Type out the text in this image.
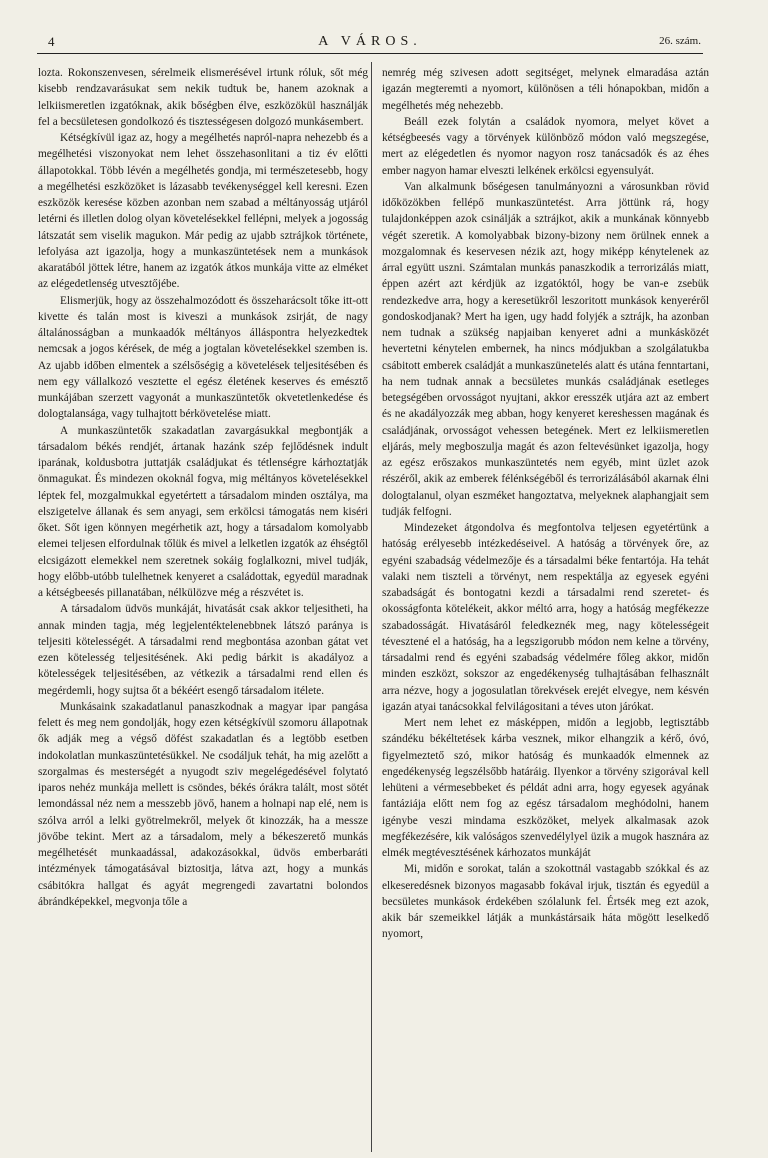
4	A VÁROS.	26. szám.

lozta. Rokonszenvesen, sérelmeik elismerésével irtunk róluk, sőt még kisebb rendzavarásukat sem nekik tudtuk be, hanem azoknak a lelkiismeretlen izgatóknak, akik bőségben élve, eszközökül használják fel a becsületesen gondolkozó és tisztességesen dolgozó munkásembert.

Kétségkívül igaz az, hogy a megélhetés napról-napra nehezebb és a megélhetési viszonyokat nem lehet összehasonlitani a tiz év előtti állapotokkal. Több lévén a megélhetés gondja, mi természetesebb, hogy a megélhetési eszközöket is lázasabb tevékenységgel kell keresni. Ezen eszközök keresése közben azonban nem szabad a méltányosság utjáról letérni és illetlen dolog olyan követelésekkel fellépni, melyek a jogosság látszatát sem viselik magukon. Már pedig az ujabb sztrájkok története, lefolyása azt igazolja, hogy a munkaszüntetések nem a munkások akaratából jöttek létre, hanem az izgatók átkos munkája vitte az elméket az elégedetlenség utvesztőjébe.

Elismerjük, hogy az összehalmozódott és összeharácsolt tőke itt-ott kivette és talán most is kiveszi a munkások zsirját, de nagy általánosságban a munkaadók méltányos álláspontra helyezkedtek nemcsak a jogos kérések, de még a jogtalan követelésekkel szemben is. Az ujabb időben elmentek a szélsőségig a követelések teljesitésében és nem egy vállalkozó vesztette el egész életének keserves és emésztő munkájában szerzett vagyonát a munkaszüntetők okvetetlenkedése és dologtalansága, vagy tulhajtott bérkövetelése miatt.

A munkaszüntetők szakadatlan zavargásukkal megbontják a társadalom békés rendjét, ártanak hazánk szép fejlődésnek indult iparának, koldusbotra juttatják családjukat és tétlenségre kárhoztatják önmagukat. És mindezen okoknál fogva, mig méltányos követelésekkel léptek fel, mozgalmukkal egyetértett a társadalom minden osztálya, ma elszigetelve állanak és sem anyagi, sem erkölcsi támogatás nem kiséri őket. Sőt igen könnyen megérhetik azt, hogy a társadalom komolyabb elemei teljesen elfordulnak tőlük és mivel a lelketlen izgatók az éhségtől elcsigázott elemekkel nem szeretnek sokáig foglalkozni, mivel tudják, hogy előbb-utóbb tulelhetnek kenyeret a családottak, egyedül maradnak a kétségbeesés pillanatában, nélkülözve még a részvétet is.

A társadalom üdvös munkáját, hivatását csak akkor teljesitheti, ha annak minden tagja, még legjelentéktelenebbnek látszó paránya is teljesiti kötelességét. A társadalmi rend megbontása azonban gátat vet ezen kötelesség teljesitésének. Aki pedig bárkit is akadályoz a kötelességek teljesitésében, az vétkezik a társadalmi rend ellen és megérdemli, hogy sujtsa őt a békéért esengő társadalom itélete.

Munkásaink szakadatlanul panaszkodnak a magyar ipar pangása felett és meg nem gondolják, hogy ezen kétségkívül szomoru állapotnak ők adják meg a végső döfést szakadatlan és a legtöbb esetben indokolatlan munkaszüntetésükkel. Ne csodáljuk tehát, ha mig azelőtt a szorgalmas és mesterségét a nyugodt sziv megelégedésével folytató iparos nehéz munkája mellett is csöndes, békés órákra talált, most sötét lemondással néz nem a messzebb jövő, hanem a holnapi nap elé, nem is szólva arról a lelki gyötrelmekről, melyek őt kinozzák, ha a messze jövőbe tekint. Mert az a társadalom, mely a békeszerető munkás megélhetését munkaadással, adakozásokkal, üdvös emberbaráti intézmények támogatásával biztositja, látva azt, hogy a munkás csábitókra hallgat és agyát megrengedi zavartatni bolondos ábrándképekkel, megvonja tőle a

nemrég még szivesen adott segitséget, melynek elmaradása aztán igazán megteremti a nyomort, különösen a téli hónapokban, midőn a megélhetés még nehezebb.

Beáll ezek folytán a családok nyomora, melyet követ a kétségbeesés vagy a törvények különböző módon való megszegése, mert az elégedetlen és nyomor nagyon rosz tanácsadók és az éhes ember nagyon hamar elveszti lelkének erkölcsi egyensulyát.

Van alkalmunk bőségesen tanulmányozni a városunkban rövid időközökben fellépő munkaszüntetést. Arra jöttünk rá, hogy tulajdonképpen azok csinálják a sztrájkot, akik a munkának könnyebb végét szeretik. A komolyabbak bizony-bizony nem örülnek ennek a mozgalomnak és keservesen nézik azt, hogy miképp kénytelenek az árral együtt uszni. Számtalan munkás panaszkodik a terrorizálás miatt, éppen azért azt kérdjük az izgatóktól, hogy be van-e zsebük rendezkedve arra, hogy a keresetükről leszoritott munkások kenyeréről gondoskodjanak? Mert ha igen, ugy hadd folyjék a sztrájk, ha azonban nem tudnak a szükség napjaiban kenyeret adni a munkásközét hevertetni kénytelen embernek, ha nincs módjukban a szolgálatukba csábitott emberek családját a munkaszünetelés alatt és utána fenntartani, ha nem tudnak annak a becsületes munkás családjának esetleges betegségében orvosságot nyujtani, akkor eresszék utjára azt az embert és ne akadályozzák meg abban, hogy kenyeret kereshessen magának és családjának, orvosságot vehessen betegének. Mert ez lelkiismeretlen eljárás, mely megboszulja magát és azon feltevésünket igazolja, hogy az egész erőszakos munkaszüntetés nem egyéb, mint üzlet azok részéről, akik az emberek félénkségéből és terrorizálásából akarnak élni dologtalanul, olyan eszméket hangoztatva, melyeknek alaphangjait sem tudják felfogni.

Mindezeket átgondolva és megfontolva teljesen egyetértünk a hatóság erélyesebb intézkedéseivel. A hatóság a törvények őre, az egyéni szabadság védelmezője és a társadalmi béke fentartója. Ha tehát valaki nem tiszteli a törvényt, nem respektálja az egyesek egyéni szabadságát és bontogatni kezdi a társadalmi rend szeretet- és okosságfonta kötelékeit, akkor méltó arra, hogy a hatóság megfékezze szabadosságát. Hivatásáról feledkeznék meg, nagy kötelességeit tévesztené el a hatóság, ha a legszigorubb módon nem kelne a törvény, társadalmi rend és egyéni szabadság védelmére főleg akkor, midőn minden eszközt, sokszor az engedékenység tulhajtásában felhasznált arra nézve, hogy a jogosulatlan törekvések erejét elvegye, nem késvén igazán atyai tanácsokkal felvilágositani a téves uton járókat.

Mert nem lehet ez másképpen, midőn a legjobb, legtisztább szándéku békéltetések kárba vesznek, mikor elhangzik a kérő, óvó, figyelmeztető szó, mikor hatóság és munkaadók elmennek az engedékenység legszélsőbb határáig. Ilyenkor a törvény szigorával kell lehüteni a vérmesebbeket és példát adni arra, hogy egyesek agyának fantáziája előtt nem fog az egész társadalom meghódolni, hanem igénybe veszi mindama eszközöket, melyek alkalmasak azok megfékezésére, kik valóságos szenvedélylyel üzik a mugok hasznára az elmék megtévesztésének kárhozatos munkáját

Mi, midőn e sorokat, talán a szokottnál vastagabb szókkal és az elkeseredésnek bizonyos magasabb fokával irjuk, tisztán és egyedül a becsületes munkások érdekében szólalunk fel. Értsék meg ezt azok, akik bár szemeikkel látják a munkástársaik háta mögött leselkedő nyomort,
